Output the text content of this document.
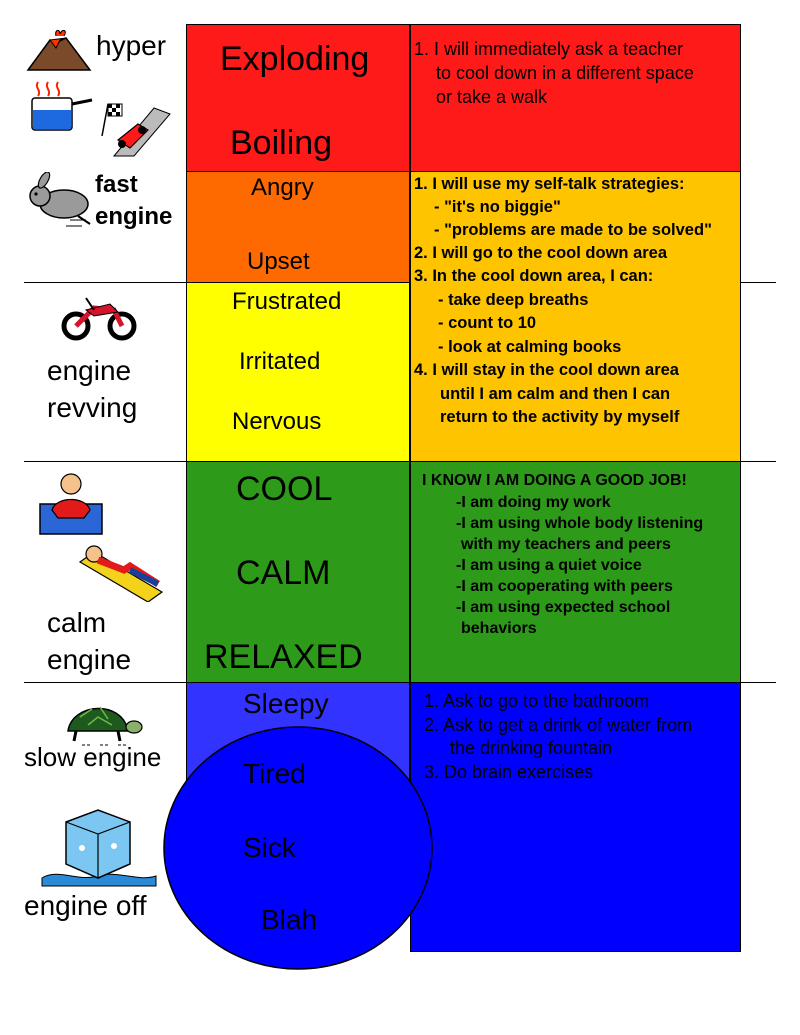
Exploding
Boiling
Angry
Upset
Frustrated
Irritated
Nervous
COOL
CALM
RELAXED
Sleepy
Tired
Sick
Blah
1. I will immediately ask a teacher
to cool down in a different space
or take a walk
1. I will use my self-talk strategies:
- "it's no biggie"
- "problems are made to be solved"
2. I will go to the cool down area
3. In the cool down area, I can:
- take deep breaths
- count to 10
- look at calming books
4. I will stay in the cool down area
until I am calm and then I can
return to the activity by myself
I KNOW I AM DOING A GOOD JOB!
-I am doing my work
-I am using whole body listening
with my teachers and peers
-I am using a quiet voice
-I am cooperating with peers
-I am using expected school
behaviors
1. Ask to go to the bathroom
2. Ask to get a drink of water from
the drinking fountain
3. Do brain exercises
hyper
fast
engine
engine
revving
calm
engine
slow engine
engine off
